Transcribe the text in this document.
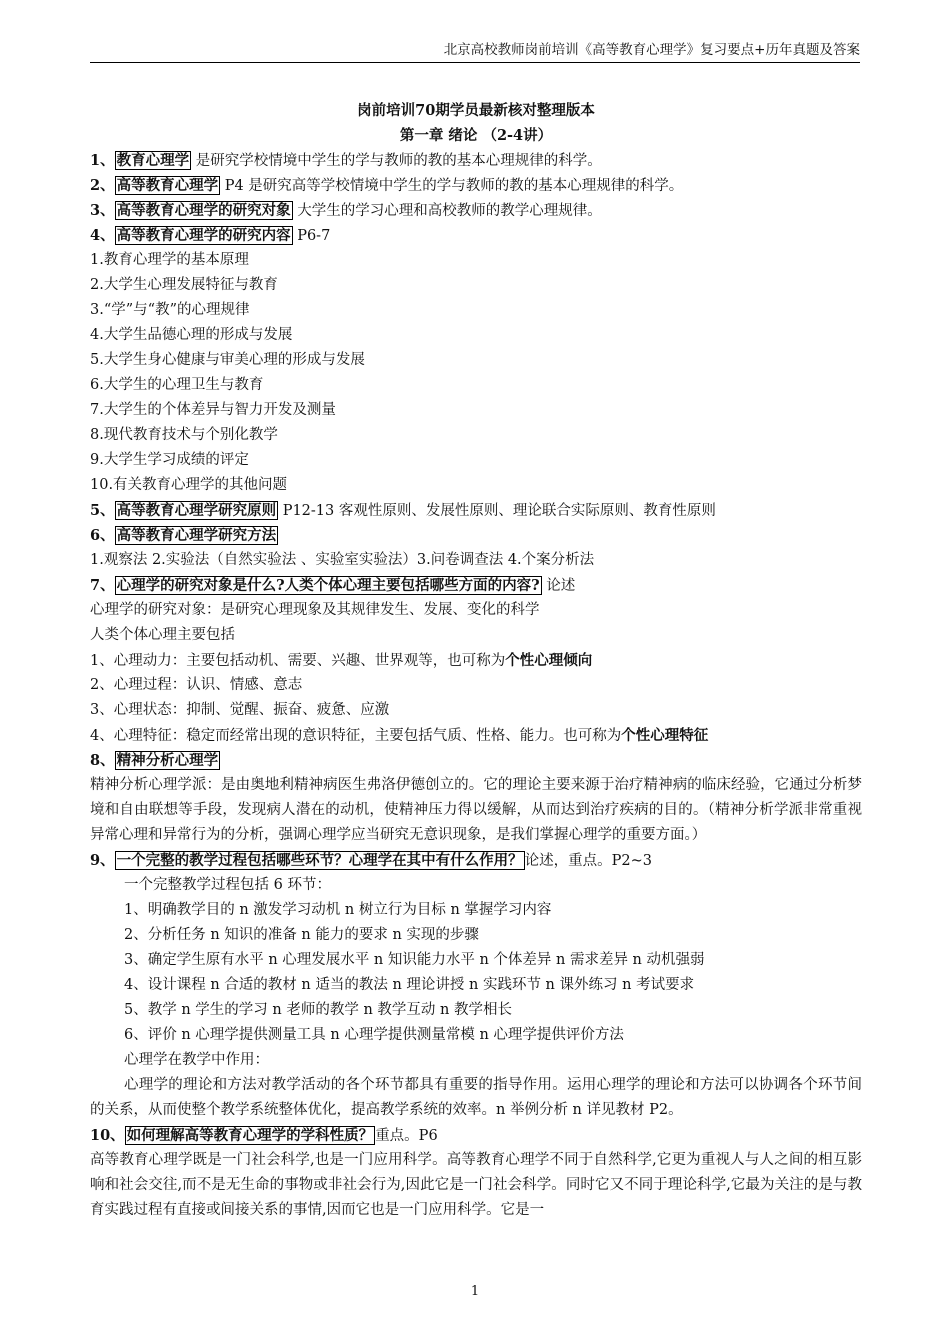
北京高校教师岗前培训《高等教育心理学》复习要点+历年真题及答案
岗前培训70期学员最新核对整理版本
第一章 绪论 （2-4讲）
1、 教育心理学 是研究学校情境中学生的学与教师的教的基本心理规律的科学。
2、 高等教育心理学 P4 是研究高等学校情境中学生的学与教师的教的基本心理规律的科学。
3、 高等教育心理学的研究对象 大学生的学习心理和高校教师的教学心理规律。
4、 高等教育心理学的研究内容 P6-7
1.教育心理学的基本原理
2.大学生心理发展特征与教育
3.“学”与“教”的心理规律
4.大学生品德心理的形成与发展
5.大学生身心健康与审美心理的形成与发展
6.大学生的心理卫生与教育
7.大学生的个体差异与智力开发及测量
8.现代教育技术与个别化教学
9.大学生学习成绩的评定
10.有关教育心理学的其他问题
5、 高等教育心理学研究原则 P12-13 客观性原则、发展性原则、理论联合实际原则、教育性原则
6、 高等教育心理学研究方法
1.观察法 2.实验法（自然实验法 、实验室实验法）3.问卷调查法 4.个案分析法
7、 心理学的研究对象是什么?人类个体心理主要包括哪些方面的内容? 论述
心理学的研究对象：是研究心理现象及其规律发生、发展、变化的科学
人类个体心理主要包括
1、心理动力：主要包括动机、需要、兴趣、世界观等，也可称为个性心理倾向
2、心理过程：认识、情感、意志
3、心理状态：抑制、觉醒、振奋、疲惫、应激
4、心理特征：稳定而经常出现的意识特征，主要包括气质、性格、能力。也可称为个性心理特征
8、 精神分析心理学
精神分析心理学派：是由奥地利精神病医生弗洛伊德创立的。它的理论主要来源于治疗精神病的临床经验，它通过分析梦境和自由联想等手段，发现病人潜在的动机，使精神压力得以缓解，从而达到治疗疾病的目的。（精神分析学派非常重视异常心理和异常行为的分析，强调心理学应当研究无意识现象，是我们掌握心理学的重要方面。）
9、 一个完整的教学过程包括哪些环节？心理学在其中有什么作用？ 论述，重点。P2~3
一个完整教学过程包括 6 环节：
1、明确教学目的 n 激发学习动机 n 树立行为目标 n 掌握学习内容
2、分析任务 n 知识的准备 n 能力的要求 n 实现的步骤
3、确定学生原有水平 n 心理发展水平 n 知识能力水平 n 个体差异 n 需求差异 n 动机强弱
4、设计课程 n 合适的教材 n 适当的教法 n 理论讲授 n 实践环节 n 课外练习 n 考试要求
5、教学 n 学生的学习 n 老师的教学 n 教学互动 n 教学相长
6、评价 n 心理学提供测量工具 n 心理学提供测量常模 n 心理学提供评价方法
心理学在教学中作用：
心理学的理论和方法对教学活动的各个环节都具有重要的指导作用。运用心理学的理论和方法可以协调各个环节间的关系，从而使整个教学系统整体优化，提高教学系统的效率。n 举例分析 n 详见教材 P2。
10、 如何理解高等教育心理学的学科性质？ 重点。P6
高等教育心理学既是一门社会科学,也是一门应用科学。高等教育心理学不同于自然科学,它更为重视人与人之间的相互影响和社会交往,而不是无生命的事物或非社会行为,因此它是一门社会科学。同时它又不同于理论科学,它最为关注的是与教育实践过程有直接或间接关系的事情,因而它也是一门应用科学。它是一
1
